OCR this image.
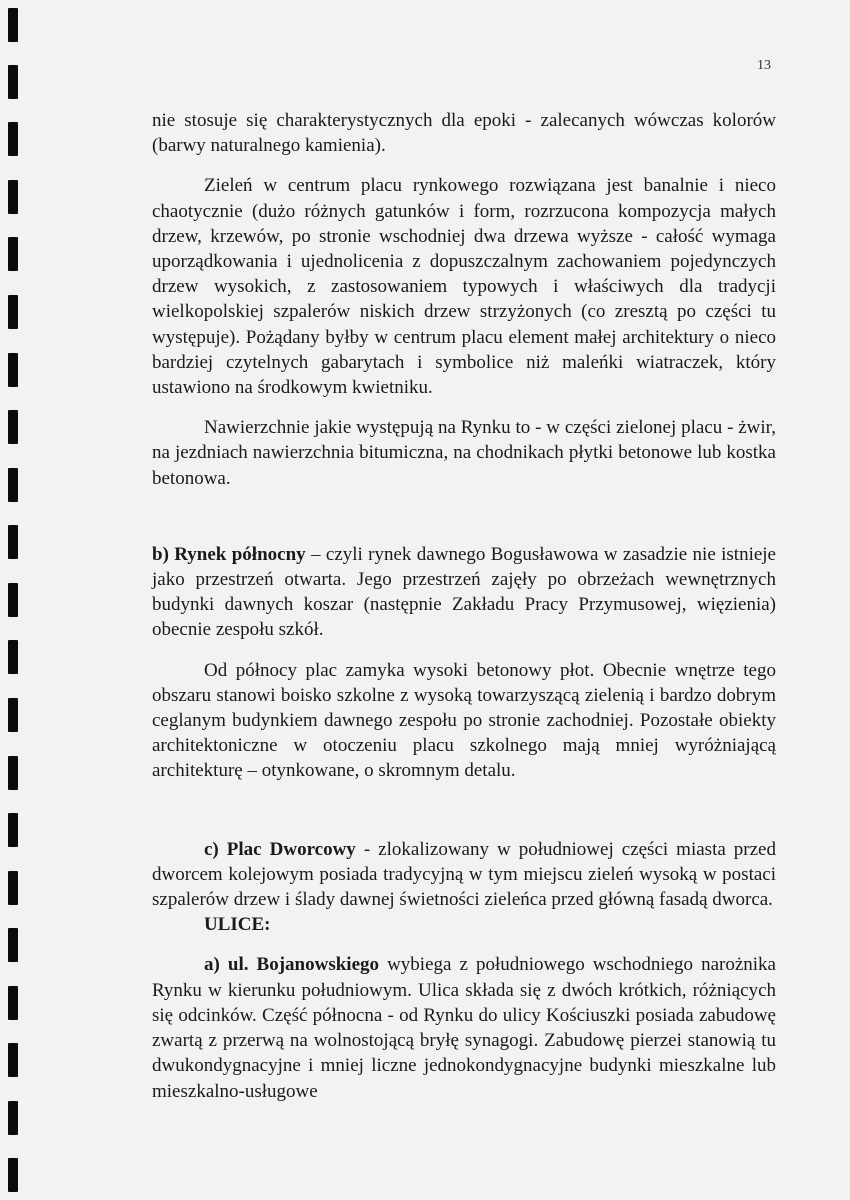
13

nie stosuje się charakterystycznych dla epoki - zalecanych wówczas kolorów (barwy naturalnego kamienia).

Zieleń w centrum placu rynkowego rozwiązana jest banalnie i nieco chaotycznie (dużo różnych gatunków i form, rozrzucona kompozycja małych drzew, krzewów, po stronie wschodniej dwa drzewa wyższe - całość wymaga uporządkowania i ujednolicenia z dopuszczalnym zachowaniem pojedynczych drzew wysokich, z zastosowaniem typowych i właściwych dla tradycji wielkopolskiej szpalerów niskich drzew strzyżonych (co zresztą po części tu występuje). Pożądany byłby w centrum placu element małej architektury o nieco bardziej czytelnych gabarytach i symbolice niż maleńki wiatraczek, który ustawiono na środkowym kwietniku.

Nawierzchnie jakie występują na Rynku to - w części zielonej placu - żwir, na jezdniach nawierzchnia bitumiczna, na chodnikach płytki betonowe lub kostka betonowa.

b) Rynek północny – czyli rynek dawnego Bogusławowa w zasadzie nie istnieje jako przestrzeń otwarta. Jego przestrzeń zajęły po obrzeżach wewnętrznych budynki dawnych koszar (następnie Zakładu Pracy Przymusowej, więzienia) obecnie zespołu szkół.

Od północy plac zamyka wysoki betonowy płot. Obecnie wnętrze tego obszaru stanowi boisko szkolne z wysoką towarzyszącą zielenią i bardzo dobrym ceglanym budynkiem dawnego zespołu po stronie zachodniej. Pozostałe obiekty architektoniczne w otoczeniu placu szkolnego mają mniej wyróżniającą architekturę – otynkowane, o skromnym detalu.

c) Plac Dworcowy - zlokalizowany w południowej części miasta przed dworcem kolejowym posiada tradycyjną w tym miejscu zieleń wysoką w postaci szpalerów drzew i ślady dawnej świetności zieleńca przed główną fasadą dworca.

ULICE:

a) ul. Bojanowskiego wybiega z południowego wschodniego narożnika Rynku w kierunku południowym. Ulica składa się z dwóch krótkich, różniących się odcinków. Część północna - od Rynku do ulicy Kościuszki posiada zabudowę zwartą z przerwą na wolnostojącą bryłę synagogi. Zabudowę pierzei stanowią tu dwukondygnacyjne i mniej liczne jednokondygnacyjne budynki mieszkalne lub mieszkalno-usługowe
